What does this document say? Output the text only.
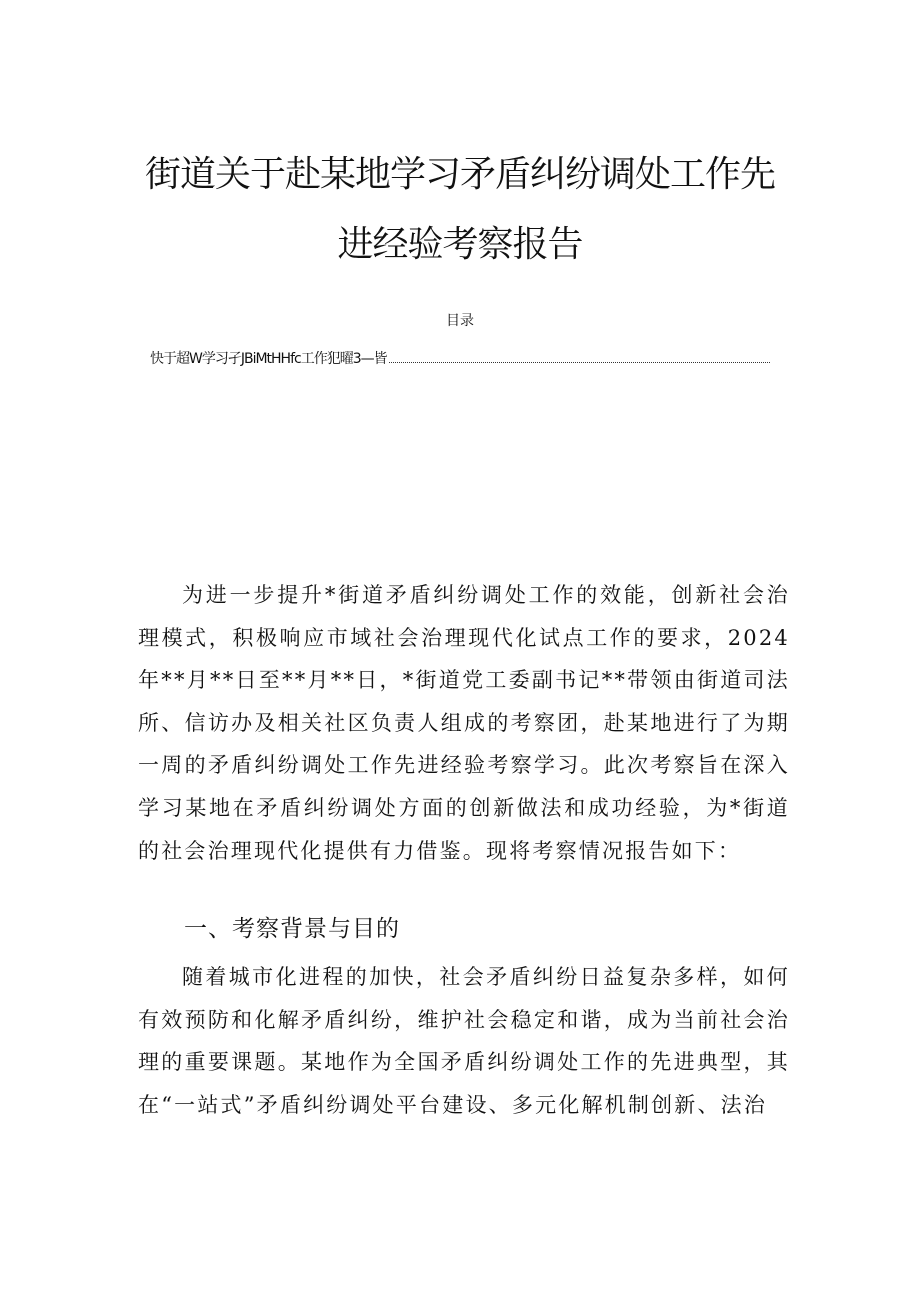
街道关于赴某地学习矛盾纠纷调处工作先
进经验考察报告
目录
快于超W学习孑JBiMtHHfc工作犯曜3—皆

为进一步提升*街道矛盾纠纷调处工作的效能，创新社会治理模式，积极响应市域社会治理现代化试点工作的要求，2024年**月**日至**月**日，*街道党工委副书记**带领由街道司法所、信访办及相关社区负责人组成的考察团，赴某地进行了为期一周的矛盾纠纷调处工作先进经验考察学习。此次考察旨在深入学习某地在矛盾纠纷调处方面的创新做法和成功经验，为*街道的社会治理现代化提供有力借鉴。现将考察情况报告如下：

一、考察背景与目的

随着城市化进程的加快，社会矛盾纠纷日益复杂多样，如何有效预防和化解矛盾纠纷，维护社会稳定和谐，成为当前社会治理的重要课题。某地作为全国矛盾纠纷调处工作的先进典型，其在“一站式”矛盾纠纷调处平台建设、多元化解机制创新、法治
